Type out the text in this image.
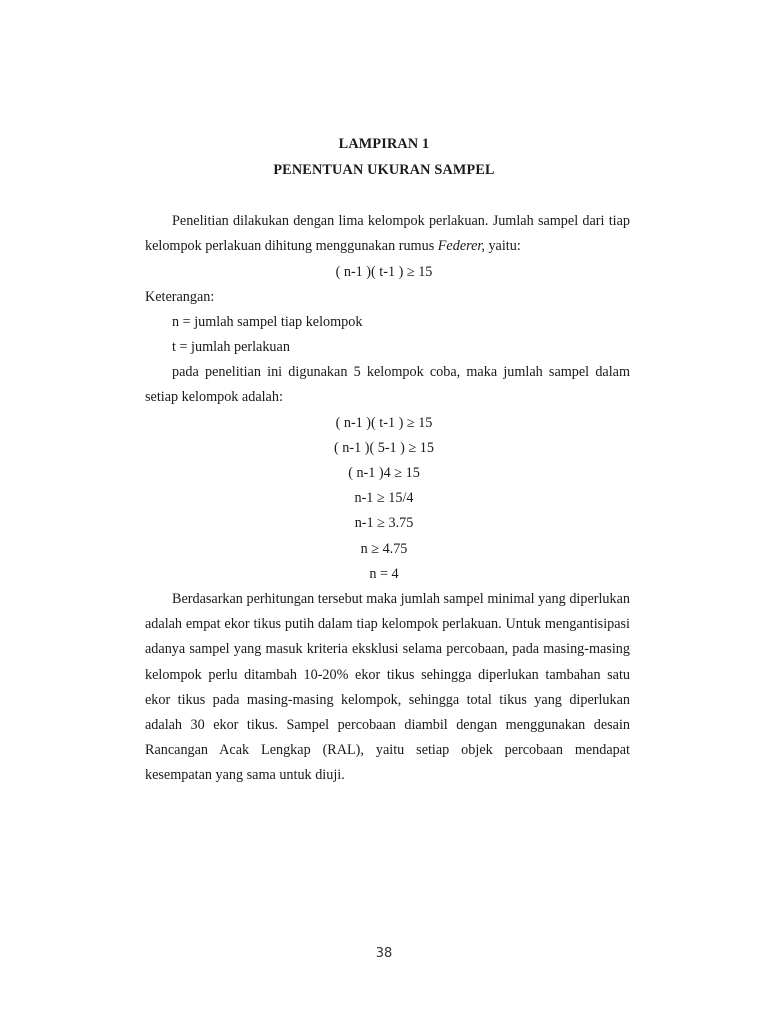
LAMPIRAN 1
PENENTUAN UKURAN SAMPEL
Penelitian dilakukan dengan lima kelompok perlakuan. Jumlah sampel dari tiap kelompok perlakuan dihitung menggunakan rumus Federer, yaitu:
( n-1 )( t-1 ) ≥ 15
Keterangan:
n = jumlah sampel tiap kelompok
t = jumlah perlakuan
pada penelitian ini digunakan 5 kelompok coba, maka jumlah sampel dalam setiap kelompok adalah:
( n-1 )( t-1 ) ≥ 15
( n-1 )( 5-1 ) ≥ 15
( n-1 )4 ≥ 15
n-1 ≥ 15/4
n-1 ≥ 3.75
n ≥ 4.75
n = 4
Berdasarkan perhitungan tersebut maka jumlah sampel minimal yang diperlukan adalah empat ekor tikus putih dalam tiap kelompok perlakuan. Untuk mengantisipasi adanya sampel yang masuk kriteria eksklusi selama percobaan, pada masing-masing kelompok perlu ditambah 10-20% ekor tikus sehingga diperlukan tambahan satu ekor tikus pada masing-masing kelompok, sehingga total tikus yang diperlukan adalah 30 ekor tikus. Sampel percobaan diambil dengan menggunakan desain Rancangan Acak Lengkap (RAL), yaitu setiap objek percobaan mendapat kesempatan yang sama untuk diuji.
38
